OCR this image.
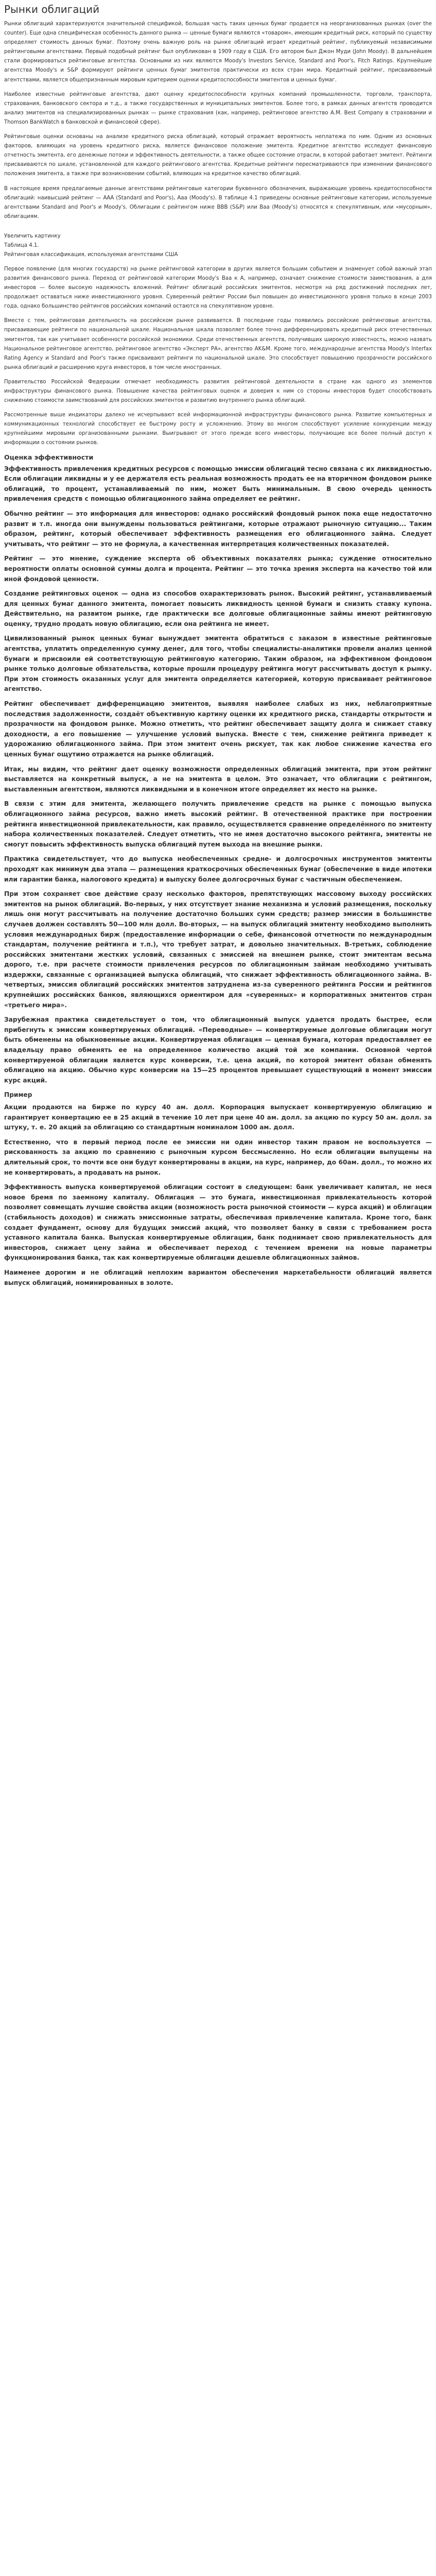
Рынки облигаций

Рынки облигаций характеризуются значительной спецификой, большая часть таких ценных бумаг продается на неорганизованных рынках (over the counter). Еще одна специфическая особенность данного рынка — ценные бумаги являются «товаром», имеющим кредитный риск, который по существу определяет стоимость данных бумаг. Поэтому очень важную роль на рынке облигаций играет кредитный рейтинг, публикуемый независимыми рейтинговыми агентствами. Первый подобный рейтинг был опубликован в 1909 году в США. Его автором был Джон Муди (John Moody). В дальнейшем стали формироваться рейтинговые агентства. Основными из них являются Moody's Investors Service, Standard and Poor's, Fitch Ratings. Крупнейшие агентства Moody's и S&P формируют рейтинги ценных бумаг эмитентов практически из всех стран мира. Кредитный рейтинг, присваиваемый агентствами, является общепризнанным мировым критерием оценки кредитоспособности эмитентов и ценных бумаг.

Наиболее известные рейтинговые агентства, дают оценку кредитоспособности крупных компаний промышленности, торговли, транспорта, страхования, банковского сектора и т.д., а также государственных и муниципальных эмитентов. Более того, в рамках данных агентств проводится анализ эмитентов на специализированных рынках — рынке страхования (как, например, рейтинговое агентство A.M. Best Company в страховании и Thomson BankWatch в банковской и финансовой сфере).

Рейтинговые оценки основаны на анализе кредитного риска облигаций, который отражает вероятность неплатежа по ним. Одним из основных факторов, влияющих на уровень кредитного риска, является финансовое положение эмитента. Кредитное агентство исследует финансовую отчетность эмитента, его денежные потоки и эффективность деятельности, а также общее состояние отрасли, в которой работает эмитент. Рейтинги присваиваются по шкале, установленной для каждого рейтингового агентства. Кредитные рейтинги пересматриваются при изменении финансового положения эмитента, а также при возникновении событий, влияющих на кредитное качество облигаций.

В настоящее время предлагаемые данные агентствами рейтинговые категории буквенного обозначения, выражающие уровень кредитоспособности облигаций: наивысший рейтинг — ААА (Standard and Poor's), Ааа (Moody's). В таблице 4.1 приведены основные рейтинговые категории, используемые агентствами Standard and Poor's и Moody's. Облигации с рейтингом ниже ВВВ (S&P) или Ваа (Moody's) относятся к спекулятивным, или «мусорным», облигациям.

Увеличить картинку
Таблица 4.1.
Рейтинговая классификация, используемая агентствами США

Первое появление (для многих государств) на рынке рейтинговой категории в других является большим событием и знаменует собой важный этап развития финансового рынка. Переход от рейтинговой категории Moody's Baa к А, например, означает снижение стоимости заимствования, а для инвесторов — более высокую надежность вложений. Рейтинг облигаций российских эмитентов, несмотря на ряд достижений последних лет, продолжает оставаться ниже инвестиционного уровня. Суверенный рейтинг России был повышен до инвестиционного уровня только в конце 2003 года, однако большинство рейтингов российских компаний остаются на спекулятивном уровне.

Вместе с тем, рейтинговая деятельность на российском рынке развивается. В последние годы появились российские рейтинговые агентства, присваивающие рейтинги по национальной шкале. Национальная шкала позволяет более точно дифференцировать кредитный риск отечественных эмитентов, так как учитывает особенности российской экономики. Среди отечественных агентств, получивших широкую известность, можно назвать Национальное рейтинговое агентство, рейтинговое агентство «Эксперт РА», агентство AK&M. Кроме того, международные агентства Moody's Interfax Rating Agency и Standard and Poor's также присваивают рейтинги по национальной шкале. Это способствует повышению прозрачности российского рынка облигаций и расширению круга инвесторов, в том числе иностранных.

Правительство Российской Федерации отмечает необходимость развития рейтинговой деятельности в стране как одного из элементов инфраструктуры финансового рынка. Повышение качества рейтинговых оценок и доверия к ним со стороны инвесторов будет способствовать снижению стоимости заимствований для российских эмитентов и развитию внутреннего рынка облигаций.

Рассмотренные выше индикаторы далеко не исчерпывают всей информационной инфраструктуры финансового рынка. Развитие компьютерных и коммуникационных технологий способствует ее быстрому росту и усложнению. Этому во многом способствуют усиление конкуренции между крупнейшими мировыми организованными рынками. Выигрывают от этого прежде всего инвесторы, получающие все более полный доступ к информации о состоянии рынков.

Оценка эффективности

Эффективность привлечения кредитных ресурсов с помощью эмиссии облигаций тесно связана с их ликвидностью. Если облигации ликвидны и у ее держателя есть реальная возможность продать ее на вторичном фондовом рынке облигаций, то процент, устанавливаемый по ним, может быть минимальным. В свою очередь ценность привлечения средств с помощью облигационного займа определяет ее рейтинг.

Обычно рейтинг — это информация для инвесторов: однако российский фондовый рынок пока еще недостаточно развит и т.п. иногда они вынуждены пользоваться рейтингами, которые отражают рыночную ситуацию... Таким образом, рейтинг, который обеспечивает эффективность размещения его облигационного займа. Следует учитывать, что рейтинг — это не формула, а качественная интерпретация количественных показателей.

Рейтинг — это мнение, суждение эксперта об объективных показателях рынка; суждение относительно вероятности оплаты основной суммы долга и процента. Рейтинг — это точка зрения эксперта на качество той или иной фондовой ценности.

Создание рейтинговых оценок — одна из способов охарактеризовать рынок. Высокий рейтинг, устанавливаемый для ценных бумаг данного эмитента, помогает повысить ликвидность ценной бумаги и снизить ставку купона. Действительно, на развитом рынке, где практически все долговые облигационные займы имеют рейтинговую оценку, трудно продать новую облигацию, если она рейтинга не имеет.

Цивилизованный рынок ценных бумаг вынуждает эмитента обратиться с заказом в известные рейтинговые агентства, уплатить определенную сумму денег, для того, чтобы специалисты-аналитики провели анализ ценной бумаги и присвоили ей соответствующую рейтинговую категорию. Таким образом, на эффективном фондовом рынке только долговые обязательства, которые прошли процедуру рейтинга могут рассчитывать доступ к рынку. При этом стоимость оказанных услуг для эмитента определяется категорией, которую присваивает рейтинговое агентство.

Рейтинг обеспечивает дифференциацию эмитентов, выявляя наиболее слабых из них, неблагоприятные последствия задолженности, создаёт объективную картину оценки их кредитного риска, стандарты открытости и прозрачности на фондовом рынке. Можно отметить, что рейтинг обеспечивает защиту долга и снижает ставку доходности, а его повышение — улучшение условий выпуска. Вместе с тем, снижение рейтинга приведет к удорожанию облигационного займа. При этом эмитент очень рискует, так как любое снижение качества его ценных бумаг ощутимо отражается на рынке облигаций.

Итак, мы видим, что рейтинг дает оценку возможности определенных облигаций эмитента, при этом рейтинг выставляется на конкретный выпуск, а не на эмитента в целом. Это означает, что облигации с рейтингом, выставленным агентством, являются ликвидными и в конечном итоге определяет их место на рынке.

В связи с этим для эмитента, желающего получить привлечение средств на рынке с помощью выпуска облигационного займа ресурсов, важно иметь высокий рейтинг. В отечественной практике при построении рейтинга инвестиционной привлекательности, как правило, осуществляется сравнение определённого по эмитенту набора количественных показателей. Следует отметить, что не имея достаточно высокого рейтинга, эмитенты не смогут повысить эффективность выпуска облигаций путем выхода на внешние рынки.

Практика свидетельствует, что до выпуска необеспеченных средне- и долгосрочных инструментов эмитенты проходят как минимум два этапа — размещения краткосрочных обеспеченных бумаг (обеспечение в виде ипотеки или гарантии банка, налогового кредита) и выпуску более долгосрочных бумаг с частичным обеспечением.

При этом сохраняет свое действие сразу несколько факторов, препятствующих массовому выходу российских эмитентов на рынок облигаций. Во-первых, у них отсутствует знание механизма и условий размещения, поскольку лишь они могут рассчитывать на получение достаточно больших сумм средств; размер эмиссии в большинстве случаев должен составлять 50—100 млн долл. Во-вторых, — на выпуск облигаций эмитенту необходимо выполнить условия международных бирж (предоставление информации о себе, финансовой отчетности по международным стандартам, получение рейтинга и т.п.), что требует затрат, и довольно значительных. В-третьих, соблюдение российских эмитентами жестких условий, связанных с эмиссией на внешнем рынке, стоит эмитентам весьма дорого, т.е. при расчете стоимости привлечения ресурсов по облигационным займам необходимо учитывать издержки, связанные с организацией выпуска облигаций, что снижает эффективность облигационного займа. В-четвертых, эмиссия облигаций российских эмитентов затруднена из-за суверенного рейтинга России и рейтингов крупнейших российских банков, являющихся ориентиром для «суверенных» и корпоративных эмитентов стран «третьего мира».

Зарубежная практика свидетельствует о том, что облигационный выпуск удается продать быстрее, если прибегнуть к эмиссии конвертируемых облигаций. «Переводные» — конвертируемые долговые облигации могут быть обменены на обыкновенные акции. Конвертируемая облигация — ценная бумага, которая предоставляет ее владельцу право обменять ее на определенное количество акций той же компании. Основной чертой конвертируемой облигации является курс конверсии, т.е. цена акций, по которой эмитент обязан обменять облигацию на акцию. Обычно курс конверсии на 15—25 процентов превышает существующий в момент эмиссии курс акций.

Пример

Акции продаются на бирже по курсу 40 ам. долл. Корпорация выпускает конвертируемую облигацию и гарантирует конвертацию ее в 25 акций в течение 10 лет при цене 40 ам. долл. за акцию по курсу 50 ам. долл. за штуку, т. е. 20 акций за облигацию со стандартным номиналом 1000 ам. долл.

Естественно, что в первый период после ее эмиссии ни один инвестор таким правом не воспользуется — рискованность за акцию по сравнению с рыночным курсом бессмысленно. Но если облигации выпущены на длительный срок, то почти все они будут конвертированы в акции, на курс, например, до 60ам. долл., то можно их не конвертировать, а продавать на рынок.

Эффективность выпуска конвертируемой облигации состоит в следующем: банк увеличивает капитал, не неся новое бремя по заемному капиталу. Облигация — это бумага, инвестиционная привлекательность которой позволяет совмещать лучшие свойства акции (возможность роста рыночной стоимости — курса акций) и облигации (стабильность доходов) и снижать эмиссионные затраты, обеспечивая привлечение капитала. Кроме того, банк создает фундамент, основу для будущих эмиссий акций, что позволяет банку в связи с требованием роста уставного капитала банка. Выпуская конвертируемые облигации, банк поднимает свою привлекательность для инвесторов, снижает цену займа и обеспечивает переход с течением времени на новые параметры функционирования банка, так как конвертируемые облигации дешевле облигационных займов.

Наименее дорогим и не облигаций неплохим вариантом обеспечения маркетабельности облигаций является выпуск облигаций, номинированных в золоте.
